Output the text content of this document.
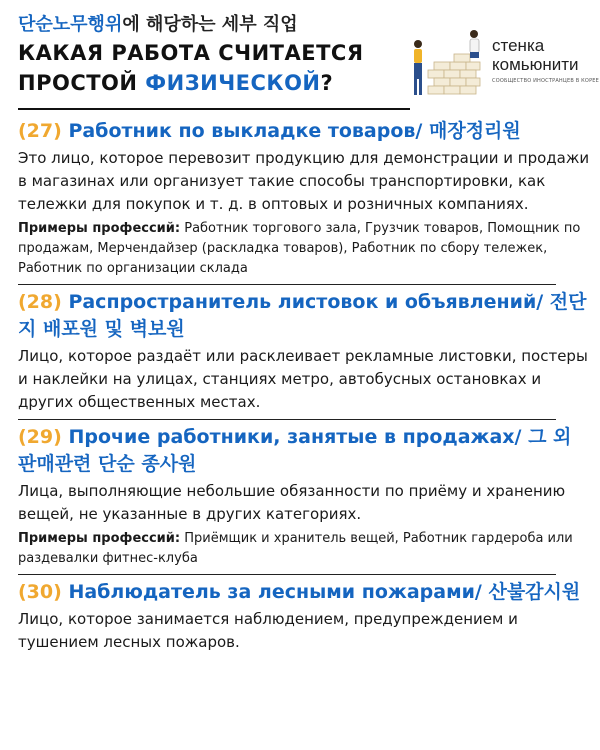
단순노무행위에 해당하는 세부 직업
КАКАЯ РАБОТА СЧИТАЕТСЯ
ПРОСТОЙ ФИЗИЧЕСКОЙ?
стенка
комьюнити
СООБЩЕСТВО ИНОСТРАНЦЕВ В КОРЕЕ
(27) Работник по выкладке товаров/ 매장정리원
Это лицо, которое перевозит продукцию для демонстрации и продажи в магазинах или организует такие способы транспортировки, как тележки для покупок и т. д. в оптовых и розничных компаниях.
Примеры профессий: Работник торгового зала, Грузчик товаров, Помощник по продажам, Мерчендайзер (раскладка товаров), Работник по сбору тележек, Работник по организации склада
(28) Распространитель листовок и объявлений/ 전단지 배포원 및 벽보원
Лицо, которое раздаёт или расклеивает рекламные листовки, постеры и наклейки на улицах, станциях метро, автобусных остановках и других общественных местах.
(29) Прочие работники, занятые в продажах/ 그 외 판매관련 단순 종사원
Лица, выполняющие небольшие обязанности по приёму и хранению вещей, не указанные в других категориях.
Примеры профессий: Приёмщик и хранитель вещей, Работник гардероба или раздевалки фитнес-клуба
(30) Наблюдатель за лесными пожарами/ 산불감시원
Лицо, которое занимается наблюдением, предупреждением и тушением лесных пожаров.
